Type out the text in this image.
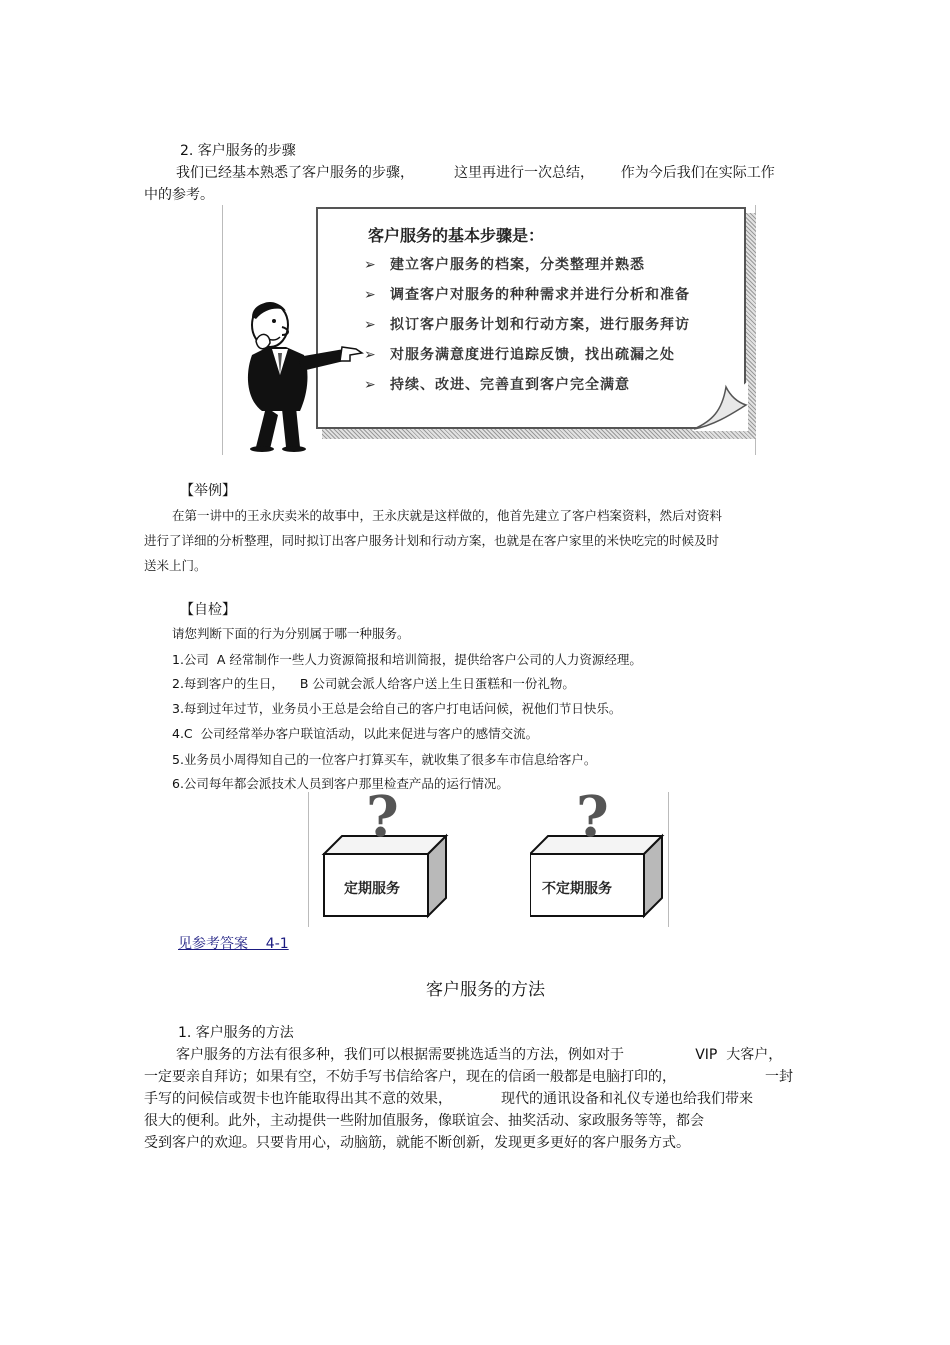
2. 客户服务的步骤
我们已经基本熟悉了客户服务的步骤，         这里再进行一次总结，      作为今后我们在实际工作
中的参考。
客户服务的基本步骤是：
➢ 建立客户服务的档案，分类整理并熟悉
➢ 调查客户对服务的种种需求并进行分析和准备
➢ 拟订客户服务计划和行动方案，进行服务拜访
➢ 对服务满意度进行追踪反馈，找出疏漏之处
➢ 持续、改进、完善直到客户完全满意
【举例】
在第一讲中的王永庆卖米的故事中，王永庆就是这样做的，他首先建立了客户档案资料，然后对资料
进行了详细的分析整理，同时拟订出客户服务计划和行动方案，也就是在客户家里的米快吃完的时候及时
送米上门。
【自检】
请您判断下面的行为分别属于哪一种服务。
1.公司  A 经常制作一些人力资源简报和培训简报，提供给客户公司的人力资源经理。
2.每到客户的生日，    B 公司就会派人给客户送上生日蛋糕和一份礼物。
3.每到过年过节，业务员小王总是会给自己的客户打电话问候，祝他们节日快乐。
4.C  公司经常举办客户联谊活动，以此来促进与客户的感情交流。
5.业务员小周得知自己的一位客户打算买车，就收集了很多车市信息给客户。
6.公司每年都会派技术人员到客户那里检查产品的运行情况。
?
定期服务
?
不定期服务
见参考答案    4-1
客户服务的方法
1. 客户服务的方法
客户服务的方法有很多种，我们可以根据需要挑选适当的方法，例如对于                VIP  大客户，
一定要亲自拜访；如果有空，不妨手写书信给客户，现在的信函一般都是电脑打印的，                    一封
手写的问候信或贺卡也许能取得出其不意的效果，           现代的通讯设备和礼仪专递也给我们带来
很大的便利。此外，主动提供一些附加值服务，像联谊会、抽奖活动、家政服务等等，都会
受到客户的欢迎。只要肯用心，动脑筋，就能不断创新，发现更多更好的客户服务方式。
